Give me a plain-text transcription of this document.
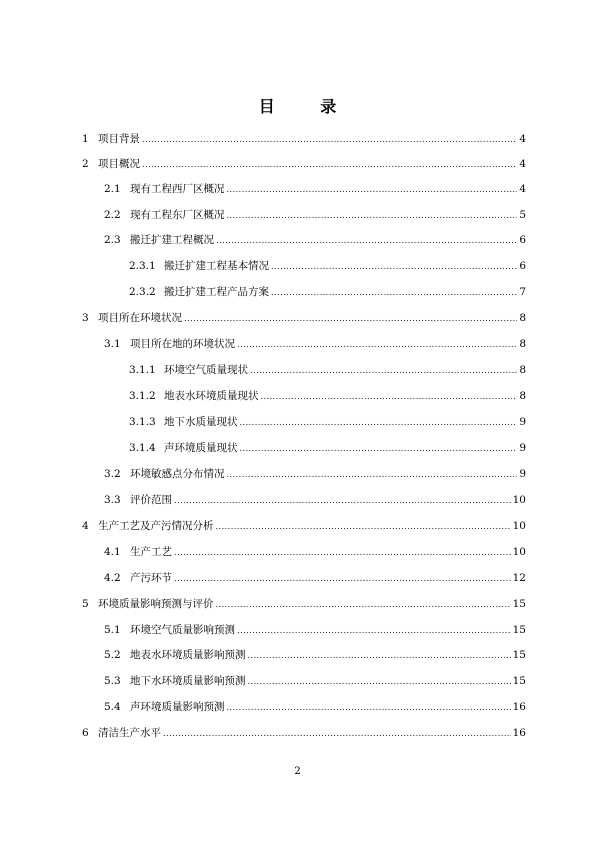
目 录
1 项目背景 .....	4
2 项目概况 .....	4
2.1 现有工程西厂区概况 .....	4
2.2 现有工程东厂区概况 .....	5
2.3 搬迁扩建工程概况 .....	6
2.3.1 搬迁扩建工程基本情况 .....	6
2.3.2 搬迁扩建工程产品方案 .....	7
3 项目所在环境状况 .....	8
3.1 项目所在地的环境状况 .....	8
3.1.1 环境空气质量现状 .....	8
3.1.2 地表水环境质量现状 .....	8
3.1.3 地下水质量现状 .....	9
3.1.4 声环境质量现状 .....	9
3.2 环境敏感点分布情况 .....	9
3.3 评价范围 .....	10
4 生产工艺及产污情况分析 .....	10
4.1 生产工艺 .....	10
4.2 产污环节 .....	12
5 环境质量影响预测与评价 .....	15
5.1 环境空气质量影响预测 .....	15
5.2 地表水环境质量影响预测 .....	15
5.3 地下水环境质量影响预测 .....	15
5.4 声环境质量影响预测 .....	16
6 清洁生产水平 .....	16
2
